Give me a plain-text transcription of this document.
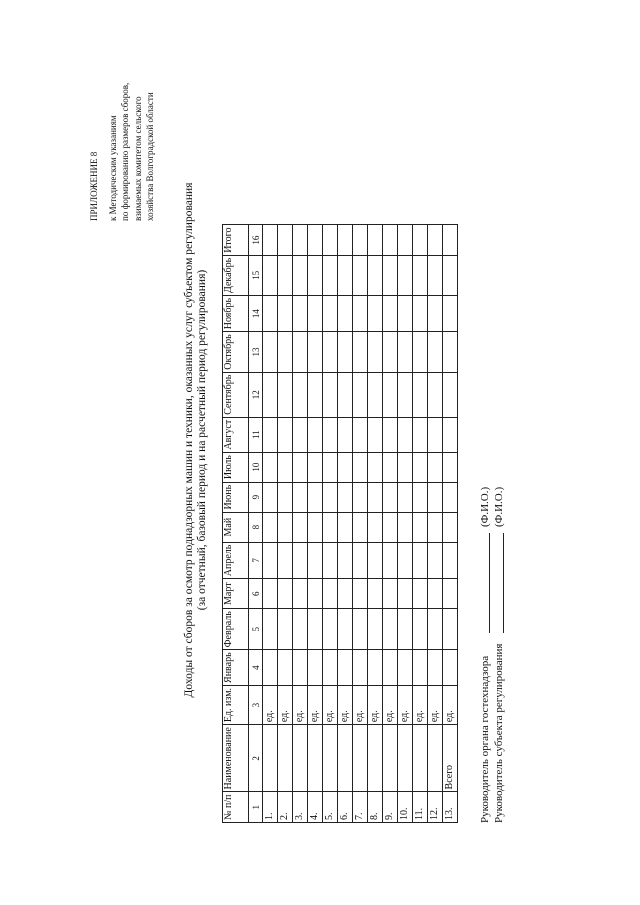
ПРИЛОЖЕНИЕ 8 к Методическим указаниям по формированию размеров сборов, взимаемых комитетом сельского хозяйства Волгоградской области
Доходы от сборов за осмотр поднадзорных машин и техники, оказанных услуг субъектом регулирования (за отчетный, базовый период и на расчетный период регулирования)
№ п/п	Наименование	Ед. изм.	Январь	Февраль	Март	Апрель	Май	Июнь	Июль	Август	Сентябрь	Октябрь	Ноябрь	Декабрь	Итого
1	2	3	4	5	6	7	8	9	10	11	12	13	14	15	16
1.		ед.													
2.		ед.													
3.		ед.													
4.		ед.													
5.		ед.													
6.		ед.													
7.		ед.													
8.		ед.													
9.		ед.													
10.		ед.													
11.		ед.													
12.		ед.													
13.	Всего	ед.													Руководитель органа гостехнадзора
(Ф.И.О.)
Руководитель субъекта регулирования
(Ф.И.О.)
